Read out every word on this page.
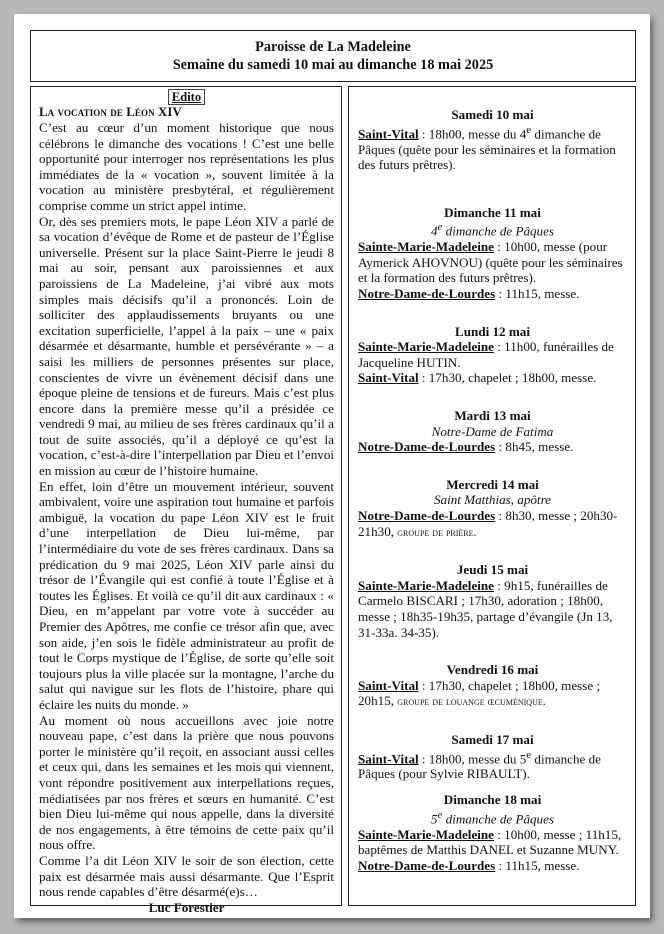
Paroisse de La Madeleine
Semaine du samedi 10 mai au dimanche 18 mai 2025
Edito
La vocation de Léon XIV

C’est au cœur d’un moment historique que nous célébrons le dimanche des vocations ! C’est une belle opportunité pour interroger nos représentations les plus immédiates de la « vocation », souvent limitée à la vocation au ministère presbytéral, et régulièrement comprise comme un strict appel intime.

Or, dès ses premiers mots, le pape Léon XIV a parlé de sa vocation d’évêque de Rome et de pasteur de l’Église universelle. Présent sur la place Saint-Pierre le jeudi 8 mai au soir, pensant aux paroissiennes et aux paroissiens de La Madeleine, j’ai vibré aux mots simples mais décisifs qu’il a prononcés. Loin de solliciter des applaudissements bruyants ou une excitation superficielle, l’appel à la paix – une « paix désarmée et désarmante, humble et persévérante » – a saisi les milliers de personnes présentes sur place, conscientes de vivre un évènement décisif dans une époque pleine de tensions et de fureurs. Mais c’est plus encore dans la première messe qu’il a présidée ce vendredi 9 mai, au milieu de ses frères cardinaux qu’il a tout de suite associés, qu’il a déployé ce qu’est la vocation, c’est-à-dire l’interpellation par Dieu et l’envoi en mission au cœur de l’histoire humaine.

En effet, loin d’être un mouvement intérieur, souvent ambivalent, voire une aspiration tout humaine et parfois ambiguë, la vocation du pape Léon XIV est le fruit d’une interpellation de Dieu lui-même, par l’intermédiaire du vote de ses frères cardinaux. Dans sa prédication du 9 mai 2025, Léon XIV parle ainsi du trésor de l’Évangile qui est confié à toute l’Église et à toutes les Églises. Et voilà ce qu’il dit aux cardinaux : « Dieu, en m’appelant par votre vote à succéder au Premier des Apôtres, me confie ce trésor afin que, avec son aide, j’en sois le fidèle administrateur au profit de tout le Corps mystique de l’Église, de sorte qu’elle soit toujours plus la ville placée sur la montagne, l’arche du salut qui navigue sur les flots de l’histoire, phare qui éclaire les nuits du monde. »

Au moment où nous accueillons avec joie notre nouveau pape, c’est dans la prière que nous pouvons porter le ministère qu’il reçoit, en associant aussi celles et ceux qui, dans les semaines et les mois qui viennent, vont répondre positivement aux interpellations reçues, médiatisées par nos frères et sœurs en humanité. C’est bien Dieu lui-même qui nous appelle, dans la diversité de nos engagements, à être témoins de cette paix qu’il nous offre.

Comme l’a dit Léon XIV le soir de son élection, cette paix est désarmée mais aussi désarmante. Que l’Esprit nous rende capables d’être désarmé(e)s…

Luc Forestier
Samedi 10 mai
Saint-Vital : 18h00, messe du 4e dimanche de Pâques (quête pour les séminaires et la formation des futurs prêtres).
Dimanche 11 mai
4e dimanche de Pâques
Sainte-Marie-Madeleine : 10h00, messe (pour Aymerick AHOVNOU) (quête pour les séminaires et la formation des futurs prêtres).
Notre-Dame-de-Lourdes : 11h15, messe.
Lundi 12 mai
Sainte-Marie-Madeleine : 11h00, funérailles de Jacqueline HUTIN.
Saint-Vital : 17h30, chapelet ; 18h00, messe.
Mardi 13 mai
Notre-Dame de Fatima
Notre-Dame-de-Lourdes : 8h45, messe.
Mercredi 14 mai
Saint Matthias, apôtre
Notre-Dame-de-Lourdes : 8h30, messe ; 20h30-21h30, groupe de prière.
Jeudi 15 mai
Sainte-Marie-Madeleine : 9h15, funérailles de Carmelo BISCARI ; 17h30, adoration ; 18h00, messe ; 18h35-19h35, partage d’évangile (Jn 13, 31-33a. 34-35).
Vendredi 16 mai
Saint-Vital : 17h30, chapelet ; 18h00, messe ; 20h15, groupe de louange œcuménique.
Samedi 17 mai
Saint-Vital : 18h00, messe du 5e dimanche de Pâques (pour Sylvie RIBAULT).
Dimanche 18 mai
5e dimanche de Pâques
Sainte-Marie-Madeleine : 10h00, messe ; 11h15, baptêmes de Matthis DANEL et Suzanne MUNY.
Notre-Dame-de-Lourdes : 11h15, messe.
